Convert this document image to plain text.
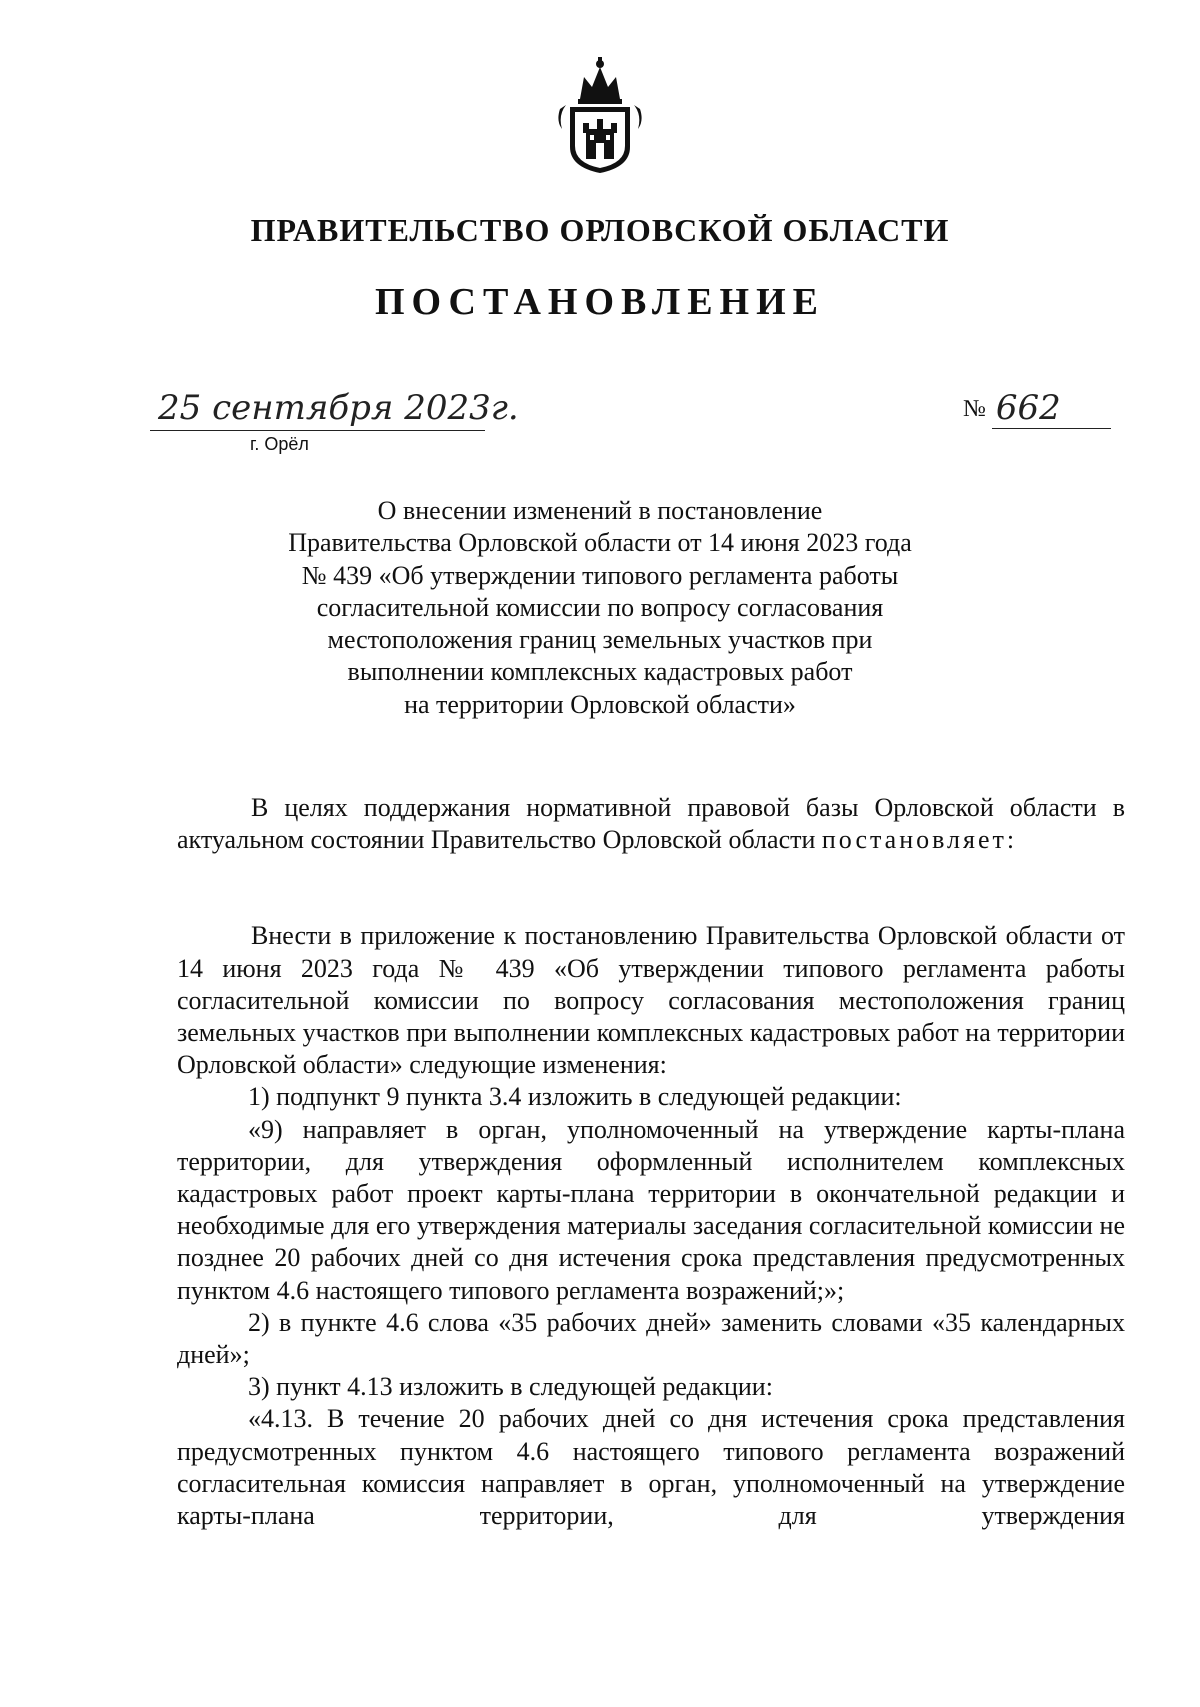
ПРАВИТЕЛЬСТВО ОРЛОВСКОЙ ОБЛАСТИ
ПОСТАНОВЛЕНИЕ
25 сентября 2023г.
г. Орёл
№ 662
О внесении изменений в постановление
Правительства Орловской области от 14 июня 2023 года
№ 439 «Об утверждении типового регламента работы
согласительной комиссии по вопросу согласования
местоположения границ земельных участков при
выполнении комплексных кадастровых работ
на территории Орловской области»

В целях поддержания нормативной правовой базы Орловской области в актуальном состоянии Правительство Орловской области постановляет:

Внести в приложение к постановлению Правительства Орловской области от 14 июня 2023 года № 439 «Об утверждении типового регламента работы согласительной комиссии по вопросу согласования местоположения границ земельных участков при выполнении комплексных кадастровых работ на территории Орловской области» следующие изменения:

1) подпункт 9 пункта 3.4 изложить в следующей редакции:

«9) направляет в орган, уполномоченный на утверждение карты-плана территории, для утверждения оформленный исполнителем комплексных кадастровых работ проект карты-плана территории в окончательной редакции и необходимые для его утверждения материалы заседания согласительной комиссии не позднее 20 рабочих дней со дня истечения срока представления предусмотренных пунктом 4.6 настоящего типового регламента возражений;»;

2) в пункте 4.6 слова «35 рабочих дней» заменить словами «35 календарных дней»;

3) пункт 4.13 изложить в следующей редакции:

«4.13. В течение 20 рабочих дней со дня истечения срока представления предусмотренных пунктом 4.6 настоящего типового регламента возражений согласительная комиссия направляет в орган, уполномоченный на утверждение карты-плана территории, для утверждения
